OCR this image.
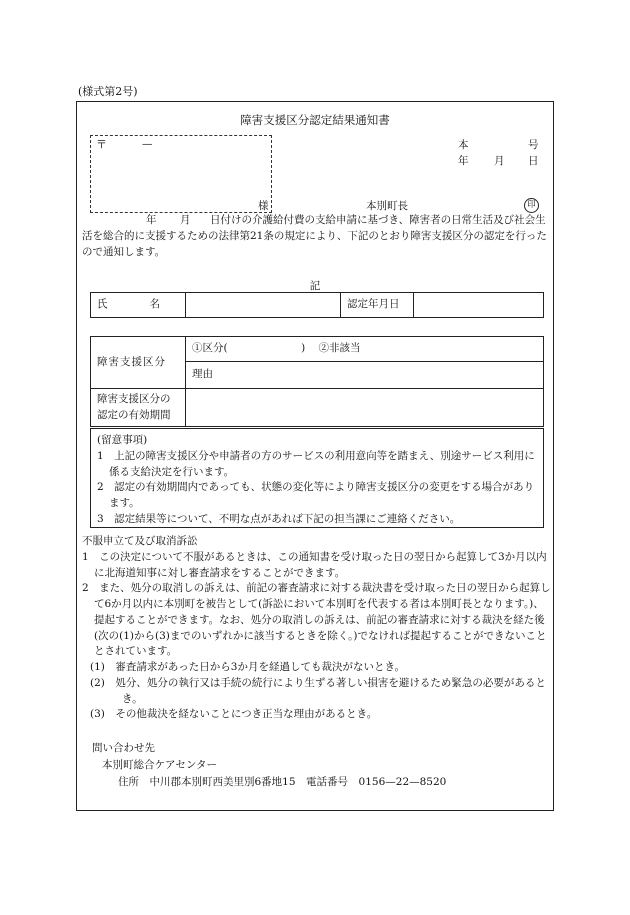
(様式第2号)
障害支援区分認定結果通知書
〒	—
様
本	号
年 月 日
本別町長	印
年 月	日付けの介護給付費の支給申請に基づき、障害者の日常生活及び社会生活を総合的に支援するための法律第21条の規定により、下記のとおり障害支援区分の認定を行ったので通知します。
記
氏　　　　名		認定年月日	
障害支援区分	①区分(　　　　　　　) ②非該当
	理由

障害支援区分の
認定の有効期間	

(留意事項)
1　上記の障害支援区分や申請者の方のサービスの利用意向等を踏まえ、別途サービス利用に係る支給決定を行います。
2　認定の有効期間内であっても、状態の変化等により障害支援区分の変更をする場合があります。
3　認定結果等について、不明な点があれば下記の担当課にご連絡ください。
不服申立て及び取消訴訟
1　この決定について不服があるときは、この通知書を受け取った日の翌日から起算して3か月以内に北海道知事に対し審査請求をすることができます。
2　また、処分の取消しの訴えは、前記の審査請求に対する裁決書を受け取った日の翌日から起算して6か月以内に本別町を被告として(訴訟において本別町を代表する者は本別町長となります。)、提起することができます。なお、処分の取消しの訴えは、前記の審査請求に対する裁決を経た後(次の(1)から(3)までのいずれかに該当するときを除く。)でなければ提起することができないこととされています。
(1)　審査請求があった日から3か月を経過しても裁決がないとき。
(2)　処分、処分の執行又は手続の続行により生ずる著しい損害を避けるため緊急の必要があるとき。
(3)　その他裁決を経ないことにつき正当な理由があるとき。
問い合わせ先
本別町総合ケアセンター
住所　中川郡本別町西美里別6番地15　電話番号　0156—22—8520
